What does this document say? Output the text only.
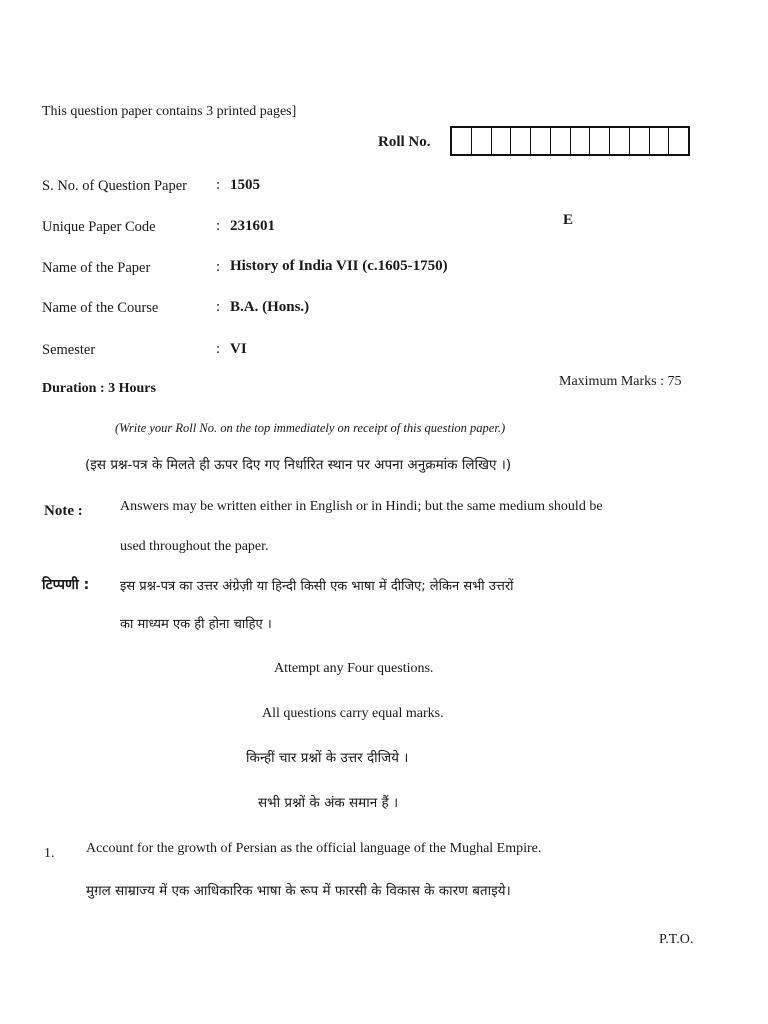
This question paper contains 3 printed pages]
Roll No.
S. No. of Question Paper : 1505
Unique Paper Code	: 231601	E
Name of the Paper	: History of India VII (c.1605-1750)
Name of the Course	: B.A. (Hons.)
Semester	: VI
Duration : 3 Hours	Maximum Marks : 75
(Write your Roll No. on the top immediately on receipt of this question paper.)
(इस प्रश्न-पत्र के मिलते ही ऊपर दिए गए निर्धारित स्थान पर अपना अनुक्रमांक लिखिए ।)
Note :	Answers may be written either in English or in Hindi; but the same medium should be
used throughout the paper.
टिप्पणी : इस प्रश्न-पत्र का उत्तर अंग्रेज़ी या हिन्दी किसी एक भाषा में दीजिए; लेकिन सभी उत्तरों
का माध्यम एक ही होना चाहिए ।
Attempt any Four questions.
All questions carry equal marks.
किन्हीं चार प्रश्नों के उत्तर दीजिये ।
सभी प्रश्नों के अंक समान हैं ।
1. Account for the growth of Persian as the official language of the Mughal Empire.
मुग़ल साम्राज्य में एक आधिकारिक भाषा के रूप में फारसी के विकास के कारण बताइये।
P.T.O.
